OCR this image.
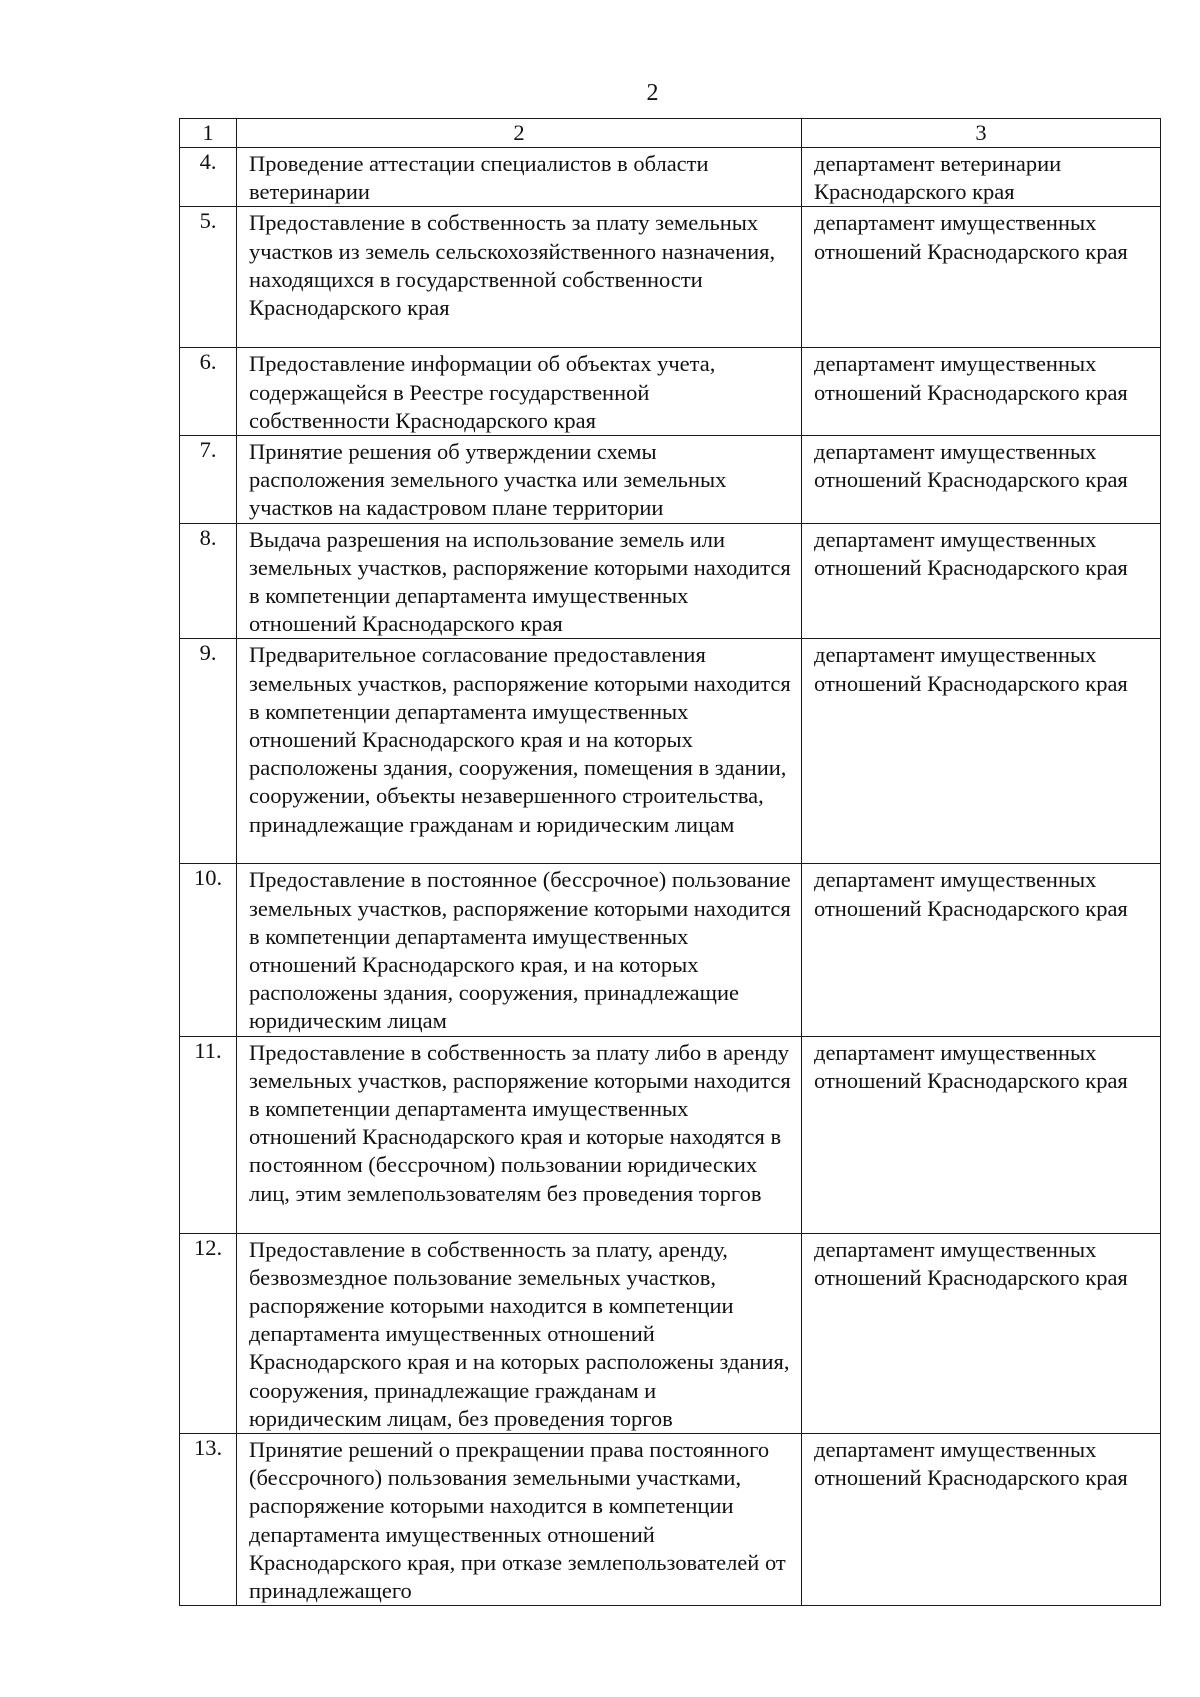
2
1	2	3
4.	Проведение аттестации специалистов в области ветеринарии	департамент ветеринарии Краснодарского края
5.	Предоставление в собственность за плату земельных участков из земель сельскохозяйственного назначения, находящихся в государственной собственности Краснодарского края	департамент имущественных отношений Краснодарского края
6.	Предоставление информации об объектах учета, содержащейся в Реестре государственной собственности Краснодарского края	департамент имущественных отношений Краснодарского края
7.	Принятие решения об утверждении схемы расположения земельного участка или земельных участков на кадастровом плане территории	департамент имущественных отношений Краснодарского края
8.	Выдача разрешения на использование земель или земельных участков, распоряжение которыми находится в компетенции департамента имущественных отношений Краснодарского края	департамент имущественных отношений Краснодарского края
9.	Предварительное согласование предоставления земельных участков, распоряжение которыми находится в компетенции департамента имущественных отношений Краснодарского края и на которых расположены здания, сооружения, помещения в здании, сооружении, объекты незавершенного строительства, принадлежащие гражданам и юридическим лицам	департамент имущественных отношений Краснодарского края
10.	Предоставление в постоянное (бессрочное) пользование земельных участков, распоряжение которыми находится в компетенции департамента имущественных отношений Краснодарского края, и на которых расположены здания, сооружения, принадлежащие юридическим лицам	департамент имущественных отношений Краснодарского края
11.	Предоставление в собственность за плату либо в аренду земельных участков, распоряжение которыми находится в компетенции департамента имущественных отношений Краснодарского края и которые находятся в постоянном (бессрочном) пользовании юридических лиц, этим землепользователям без проведения торгов	департамент имущественных отношений Краснодарского края
12.	Предоставление в собственность за плату, аренду, безвозмездное пользование земельных участков, распоряжение которыми находится в компетенции департамента имущественных отношений Краснодарского края и на которых расположены здания, сооружения, принадлежащие гражданам и юридическим лицам, без проведения торгов	департамент имущественных отношений Краснодарского края
13.	Принятие решений о прекращении права постоянного (бессрочного) пользования земельными участками, распоряжение которыми находится в компетенции департамента имущественных отношений Краснодарского края, при отказе землепользователей от принадлежащего	департамент имущественных отношений Краснодарского края
